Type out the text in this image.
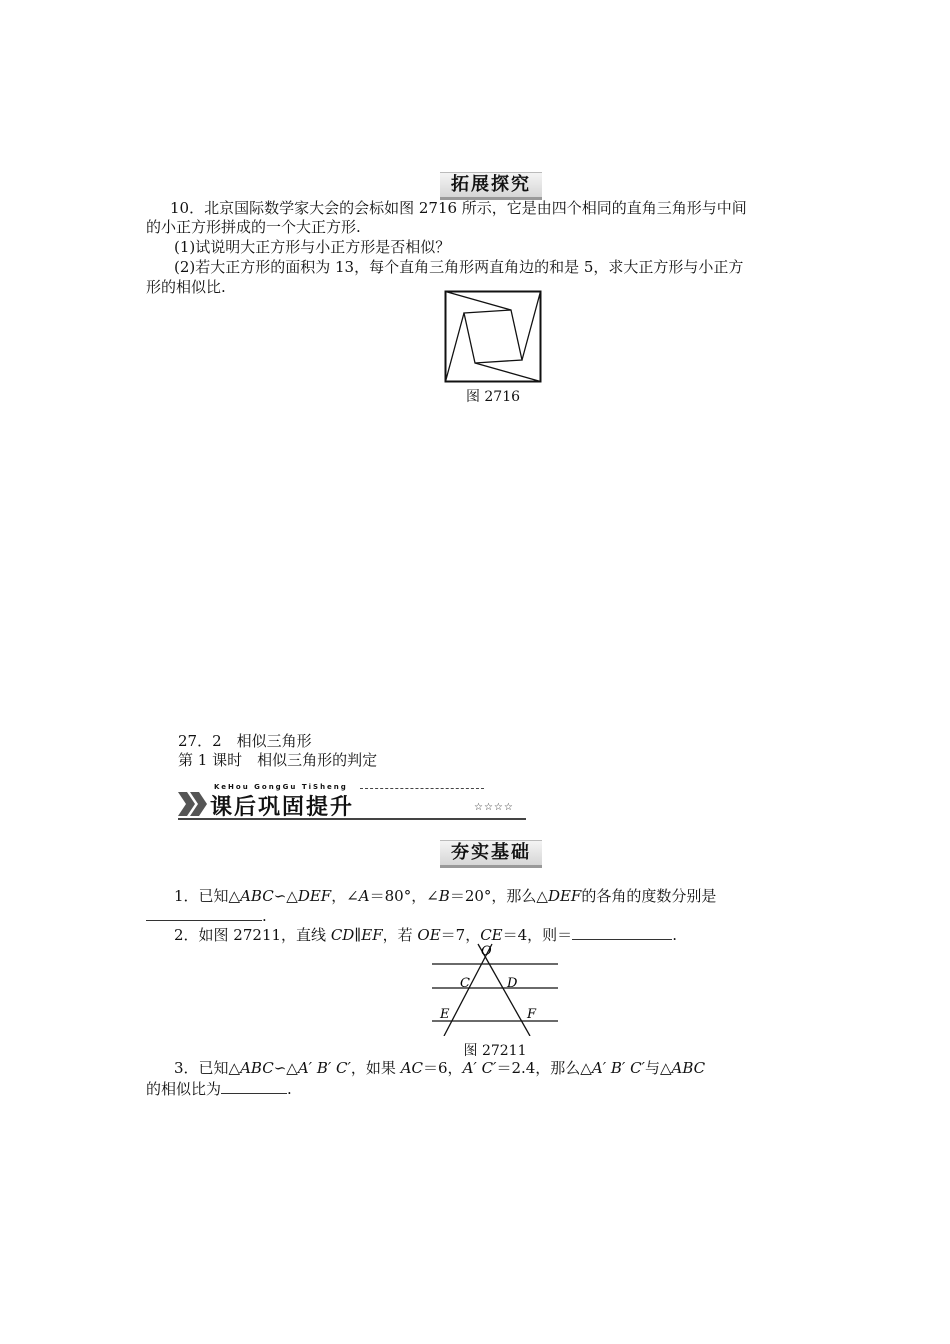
拓展探究
10．北京国际数学家大会的会标如图 2716 所示，它是由四个相同的直角三角形与中间
的小正方形拼成的一个大正方形.
(1)试说明大正方形与小正方形是否相似？
(2)若大正方形的面积为 13，每个直角三角形两直角边的和是 5，求大正方形与小正方
形的相似比.
图 2716
27．2　相似三角形
第 1 课时　相似三角形的判定
KeHou GongGu TiSheng
课后巩固提升	☆☆☆☆
夯实基础
1．已知△ABC∽△DEF，∠A＝80°，∠B＝20°，那么△DEF的各角的度数分别是
.
2．如图 27211，直线 CD∥EF，若 OE＝7，CE＝4，则＝	.
O
C	D
E	F
图 27211
3．已知△ABC∽△A′ B′ C′，如果 AC＝6，A′ C′＝2.4，那么△A′ B′ C′与△ABC
的相似比为	.
